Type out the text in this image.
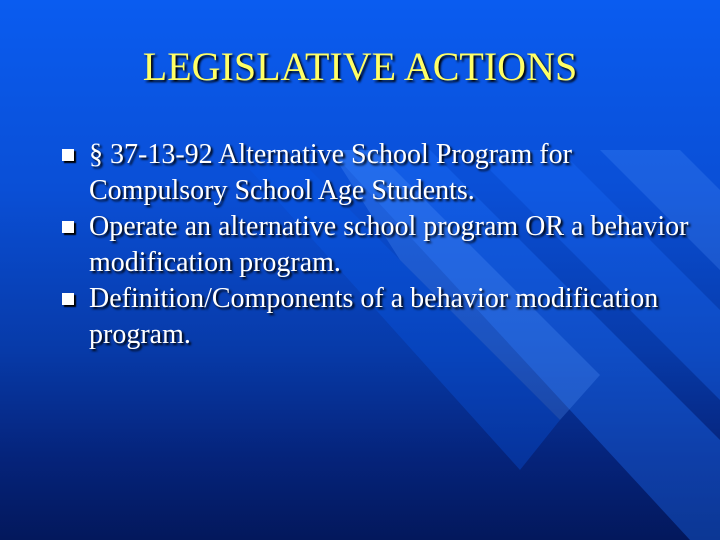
LEGISLATIVE ACTIONS
§ 37-13-92 Alternative School Program for Compulsory School Age Students.
Operate an alternative school program OR a behavior modification program.
Definition/Components of a behavior modification program.
